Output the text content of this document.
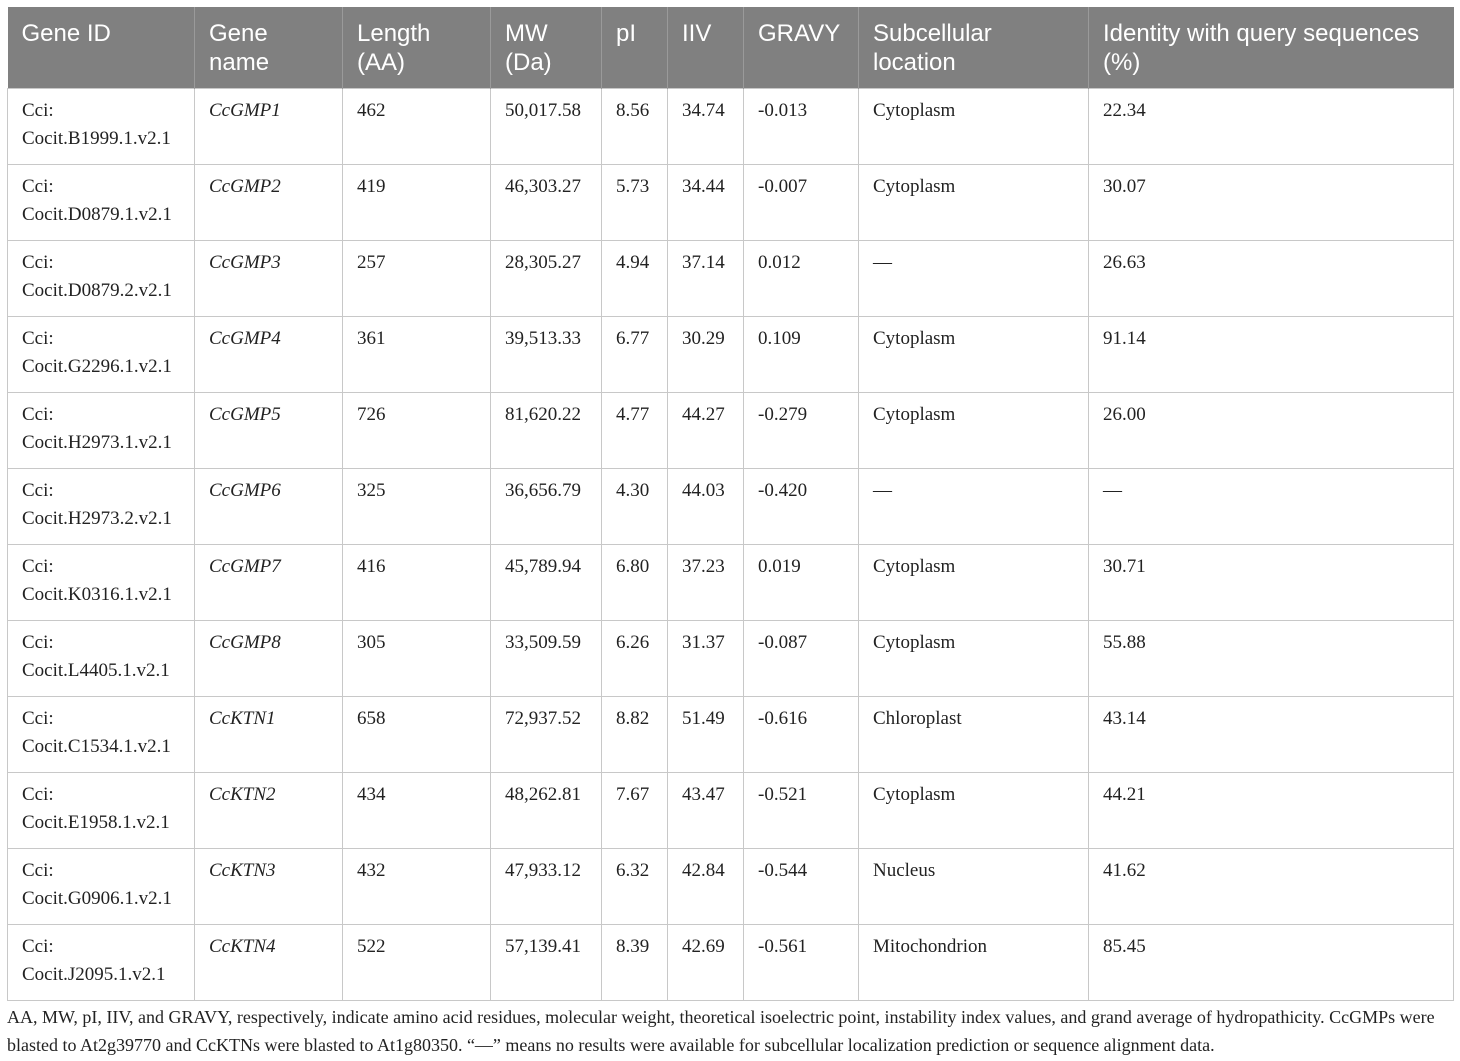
Gene ID	Gene name	Length (AA)	MW (Da)	pI	IIV	GRAVY	Subcellular location	Identity with query sequences (%)
Cci: Cocit.B1999.1.v2.1	CcGMP1	462	50,017.58	8.56	34.74	-0.013	Cytoplasm	22.34
Cci: Cocit.D0879.1.v2.1	CcGMP2	419	46,303.27	5.73	34.44	-0.007	Cytoplasm	30.07
Cci: Cocit.D0879.2.v2.1	CcGMP3	257	28,305.27	4.94	37.14	0.012	—	26.63
Cci: Cocit.G2296.1.v2.1	CcGMP4	361	39,513.33	6.77	30.29	0.109	Cytoplasm	91.14
Cci: Cocit.H2973.1.v2.1	CcGMP5	726	81,620.22	4.77	44.27	-0.279	Cytoplasm	26.00
Cci: Cocit.H2973.2.v2.1	CcGMP6	325	36,656.79	4.30	44.03	-0.420	—	—
Cci: Cocit.K0316.1.v2.1	CcGMP7	416	45,789.94	6.80	37.23	0.019	Cytoplasm	30.71
Cci: Cocit.L4405.1.v2.1	CcGMP8	305	33,509.59	6.26	31.37	-0.087	Cytoplasm	55.88
Cci: Cocit.C1534.1.v2.1	CcKTN1	658	72,937.52	8.82	51.49	-0.616	Chloroplast	43.14
Cci: Cocit.E1958.1.v2.1	CcKTN2	434	48,262.81	7.67	43.47	-0.521	Cytoplasm	44.21
Cci: Cocit.G0906.1.v2.1	CcKTN3	432	47,933.12	6.32	42.84	-0.544	Nucleus	41.62
Cci: Cocit.J2095.1.v2.1	CcKTN4	522	57,139.41	8.39	42.69	-0.561	Mitochondrion	85.45
AA, MW, pI, IIV, and GRAVY, respectively, indicate amino acid residues, molecular weight, theoretical isoelectric point, instability index values, and grand average of hydropathicity. CcGMPs were blasted to At2g39770 and CcKTNs were blasted to At1g80350. “—” means no results were available for subcellular localization prediction or sequence alignment data.
